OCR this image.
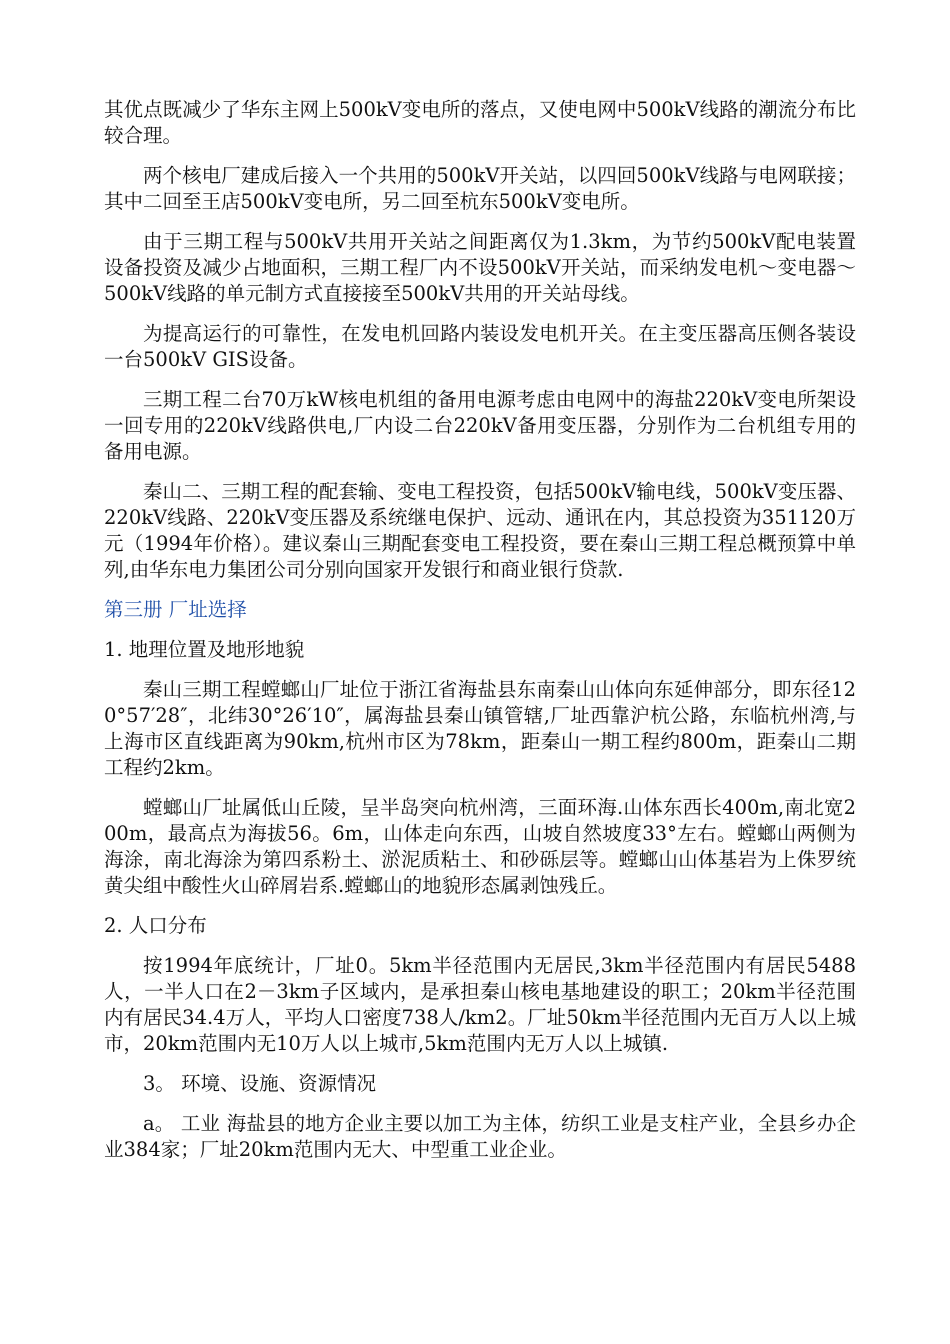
其优点既减少了华东主网上500kV变电所的落点，又使电网中500kV线路的潮流分布比较合理。

两个核电厂建成后接入一个共用的500kV开关站，以四回500kV线路与电网联接；其中二回至王店500kV变电所，另二回至杭东500kV变电所。

由于三期工程与500kV共用开关站之间距离仅为1.3km，为节约500kV配电装置设备投资及减少占地面积，三期工程厂内不设500kV开关站，而采纳发电机～变电器～500kV线路的单元制方式直接接至500kV共用的开关站母线。

为提高运行的可靠性，在发电机回路内装设发电机开关。在主变压器高压侧各装设一台500kV GIS设备。

三期工程二台70万kW核电机组的备用电源考虑由电网中的海盐220kV变电所架设一回专用的220kV线路供电,厂内设二台220kV备用变压器，分别作为二台机组专用的备用电源。

秦山二、三期工程的配套输、变电工程投资，包括500kV输电线，500kV变压器、220kV线路、220kV变压器及系统继电保护、远动、通讯在内，其总投资为351120万元（1994年价格）。建议秦山三期配套变电工程投资，要在秦山三期工程总概预算中单列,由华东电力集团公司分别向国家开发银行和商业银行贷款.

第三册 厂址选择

1. 地理位置及地形地貌

秦山三期工程螳螂山厂址位于浙江省海盐县东南秦山山体向东延伸部分，即东径120°57′28″，北纬30°26′10″，属海盐县秦山镇管辖,厂址西靠沪杭公路，东临杭州湾,与上海市区直线距离为90km,杭州市区为78km，距秦山一期工程约800m，距秦山二期工程约2km。

螳螂山厂址属低山丘陵，呈半岛突向杭州湾，三面环海.山体东西长400m,南北宽200m，最高点为海拔56。6m，山体走向东西，山坡自然坡度33°左右。螳螂山两侧为海涂，南北海涂为第四系粉土、淤泥质粘土、和砂砾层等。螳螂山山体基岩为上侏罗统黄尖组中酸性火山碎屑岩系.螳螂山的地貌形态属剥蚀残丘。

2. 人口分布

按1994年底统计，厂址0。5km半径范围内无居民,3km半径范围内有居民5488人，一半人口在2－3km子区域内，是承担秦山核电基地建设的职工；20km半径范围内有居民34.4万人，平均人口密度738人/km2。厂址50km半径范围内无百万人以上城市，20km范围内无10万人以上城市,5km范围内无万人以上城镇.

3。 环境、设施、资源情况

a。 工业 海盐县的地方企业主要以加工为主体，纺织工业是支柱产业，全县乡办企业384家；厂址20km范围内无大、中型重工业企业。
